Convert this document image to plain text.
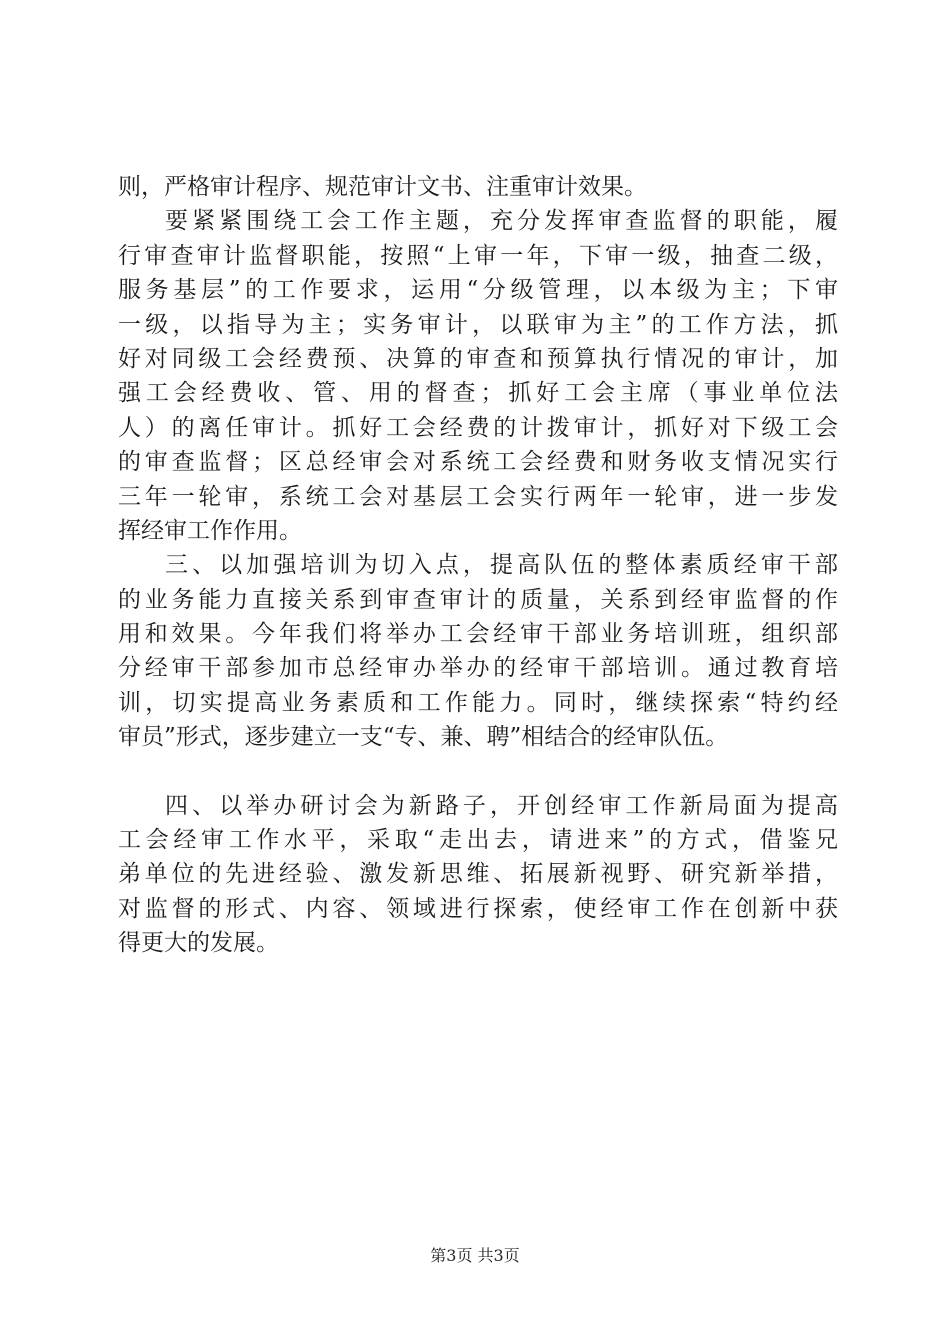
则，严格审计程序、规范审计文书、注重审计效果。
要紧紧围绕工会工作主题，充分发挥审查监督的职能，履
行审查审计监督职能，按照“上审一年，下审一级，抽查二级，
服务基层”的工作要求，运用“分级管理，以本级为主；下审
一级，以指导为主；实务审计，以联审为主”的工作方法，抓
好对同级工会经费预、决算的审查和预算执行情况的审计，加
强工会经费收、管、用的督查；抓好工会主席（事业单位法
人）的离任审计。抓好工会经费的计拨审计，抓好对下级工会
的审查监督；区总经审会对系统工会经费和财务收支情况实行
三年一轮审，系统工会对基层工会实行两年一轮审，进一步发
挥经审工作作用。
三、以加强培训为切入点，提高队伍的整体素质经审干部
的业务能力直接关系到审查审计的质量，关系到经审监督的作
用和效果。今年我们将举办工会经审干部业务培训班，组织部
分经审干部参加市总经审办举办的经审干部培训。通过教育培
训，切实提高业务素质和工作能力。同时，继续探索“特约经
审员”形式，逐步建立一支“专、兼、聘”相结合的经审队伍。
四、以举办研讨会为新路子，开创经审工作新局面为提高
工会经审工作水平，采取“走出去，请进来”的方式，借鉴兄
弟单位的先进经验、激发新思维、拓展新视野、研究新举措，
对监督的形式、内容、领域进行探索，使经审工作在创新中获
得更大的发展。
第3页 共3页
